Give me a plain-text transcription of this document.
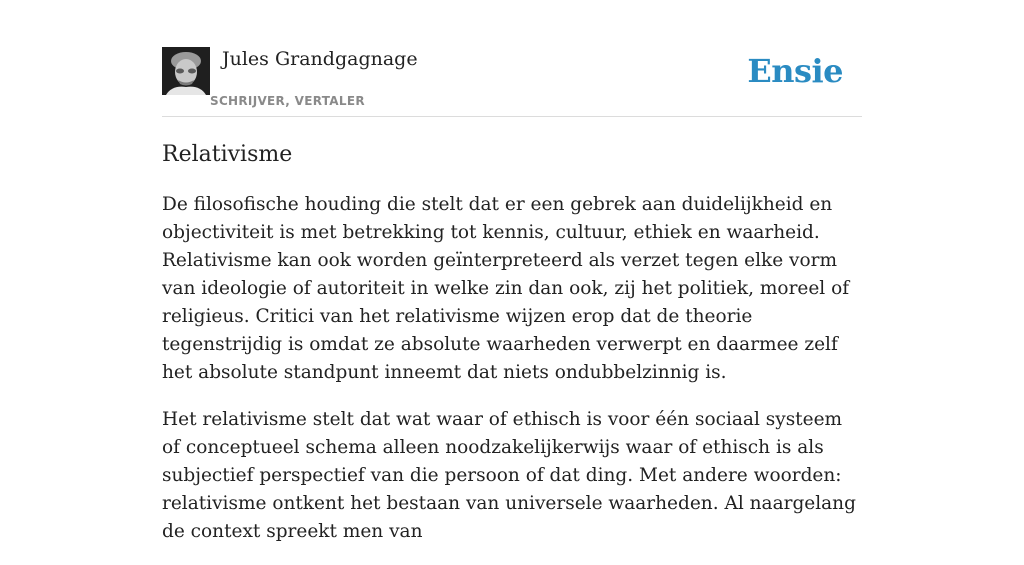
Jules Grandgagnage
SCHRIJVER, VERTALER
Ensie
Relativisme

De filosofische houding die stelt dat er een gebrek aan duidelijkheid en objectiviteit is met betrekking tot kennis, cultuur, ethiek en waarheid. Relativisme kan ook worden geïnterpreteerd als verzet tegen elke vorm van ideologie of autoriteit in welke zin dan ook, zij het politiek, moreel of religieus. Critici van het relativisme wijzen erop dat de theorie tegenstrijdig is omdat ze absolute waarheden verwerpt en daarmee zelf het absolute standpunt inneemt dat niets ondubbelzinnig is.

Het relativisme stelt dat wat waar of ethisch is voor één sociaal systeem of conceptueel schema alleen noodzakelijkerwijs waar of ethisch is als subjectief perspectief van die persoon of dat ding. Met andere woorden: relativisme ontkent het bestaan van universele waarheden. Al naargelang de context spreekt men van
